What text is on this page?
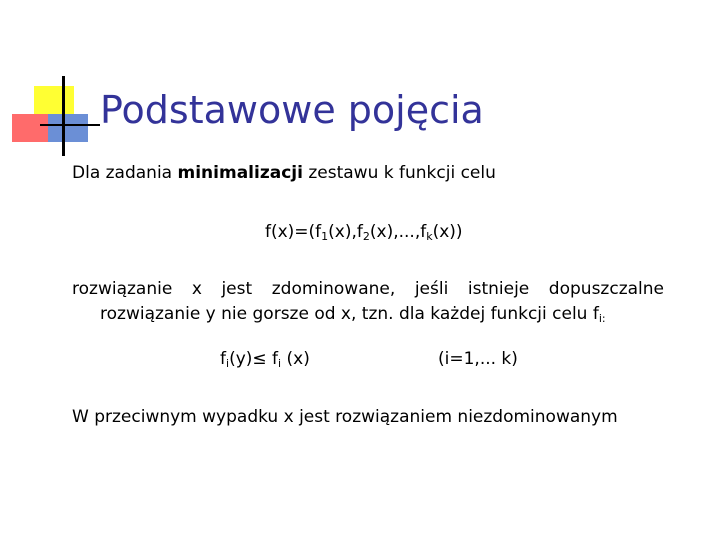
Podstawowe pojęcia
Dla zadania minimalizacji zestawu k funkcji celu
$f(x)=(f_1(x),f_2(x),...,f_k(x))$
rozwiązanie x jest zdominowane, jeśli istnieje dopuszczalne
rozwiązanie y nie gorsze od x, tzn. dla każdej funkcji celu $f_{i:}$
$f_i(y)\le f_i$ (x)	(i=1,... k)
W przeciwnym wypadku x jest rozwiązaniem niezdominowanym
